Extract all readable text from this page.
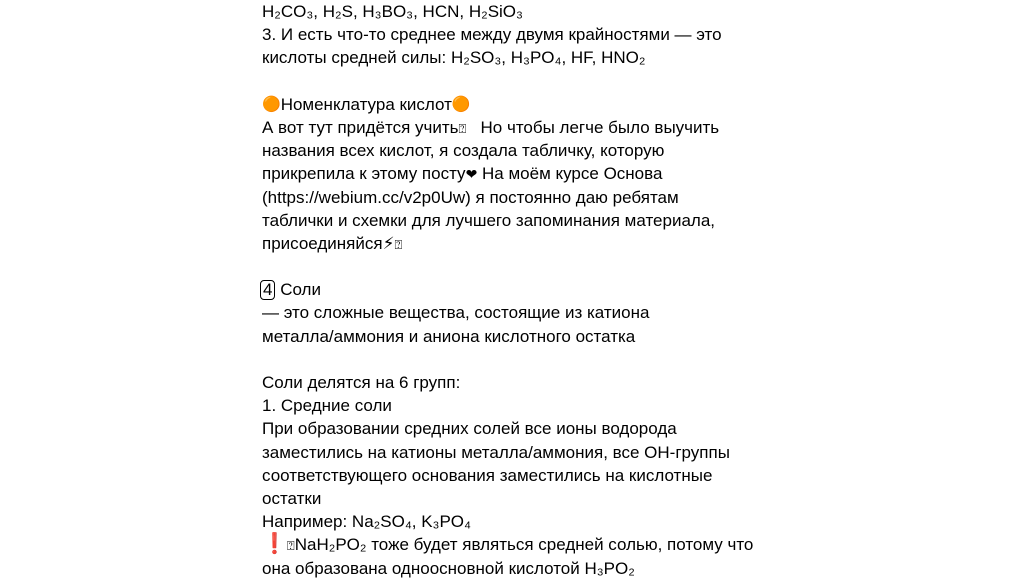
H₂CO₃, H₂S, H₃BO₃, HCN, H₂SiO₃
3. И есть что-то среднее между двумя крайностями — это
кислоты средней силы: H₂SO₃, H₃PO₄, HF, HNO₂
🟠Номенклатура кислот🟠
А вот тут придётся учить⍰ Но чтобы легче было выучить
названия всех кислот, я создала табличку, которую
прикрепила к этому посту❤ На моём курсе Основа
(https://webium.cc/v2p0Uw) я постоянно даю ребятам
таблички и схемки для лучшего запоминания материала,
присоединяйся⚡⍰
4 Соли
— это сложные вещества, состоящие из катиона
металла/аммония и аниона кислотного остатка
Соли делятся на 6 групп:
1. Средние соли
При образовании средних солей все ионы водорода
заместились на катионы металла/аммония, все OH-группы
соответствующего основания заместились на кислотные
остатки
Например: Na₂SO₄, K₃PO₄
❗⍰NaH₂PO₂ тоже будет являться средней солью, потому что
она образована одноосновной кислотой H₃PO₂
